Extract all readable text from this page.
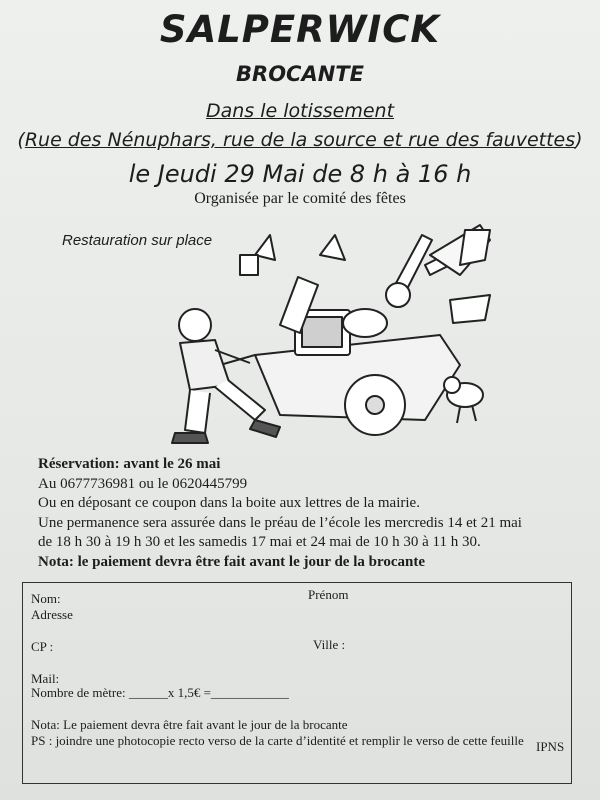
SALPERWICK
BROCANTE
Dans le lotissement
(Rue des Nénuphars, rue de la source et rue des fauvettes)
le Jeudi 29 Mai de 8 h à 16 h
Organisée par le comité des fêtes
Restauration sur place
Réservation: avant le 26 mai
Au 0677736981 ou le 0620445799
Ou en déposant ce coupon dans la boite aux lettres de la mairie.
Une permanence sera assurée dans le préau de l’école les mercredis 14 et 21 mai
de 18 h 30 à 19 h 30 et les samedis 17 mai et 24 mai de 10 h 30 à 11 h 30.
Nota: le paiement devra être fait avant le jour de la brocante
Nom:	Prénom
Adresse
CP :	Ville :
Mail:
Nombre de mètre: ______x 1,5€ =____________
Nota: Le paiement devra être fait avant le jour de la brocante
PS : joindre une photocopie recto verso de la carte d’identité et remplir le verso de cette feuille IPNS
